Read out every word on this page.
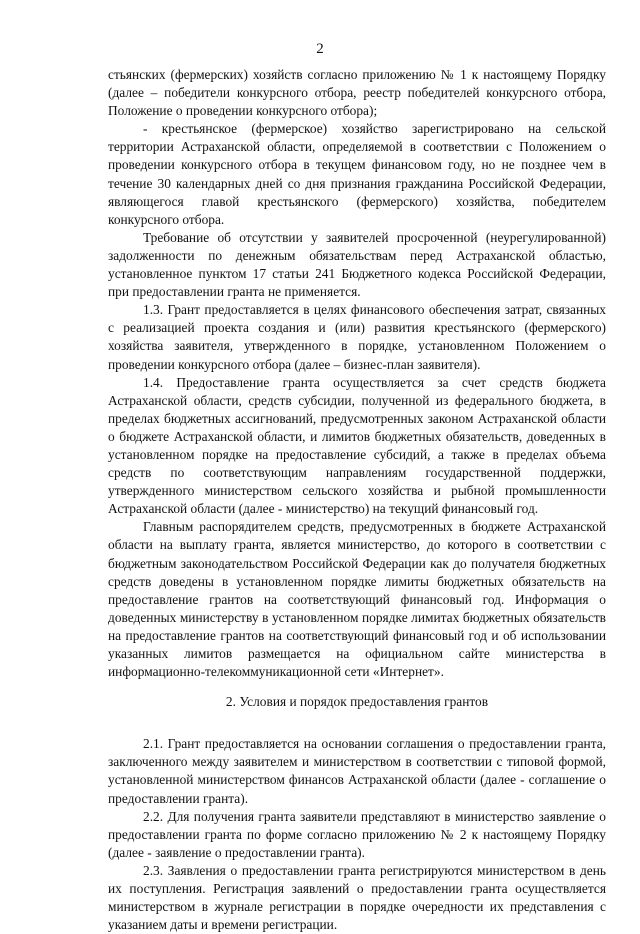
2

стьянских (фермерских) хозяйств согласно приложению № 1 к настоящему Порядку (далее – победители конкурсного отбора, реестр победителей конкурсного отбора, Положение о проведении конкурсного отбора);

- крестьянское (фермерское) хозяйство зарегистрировано на сельской территории Астраханской области, определяемой в соответствии с Положением о проведении конкурсного отбора в текущем финансовом году, но не позднее чем в течение 30 календарных дней со дня признания гражданина Российской Федерации, являющегося главой крестьянского (фермерского) хозяйства, победителем конкурсного отбора.

Требование об отсутствии у заявителей просроченной (неурегулированной) задолженности по денежным обязательствам перед Астраханской областью, установленное пунктом 17 статьи 241 Бюджетного кодекса Российской Федерации, при предоставлении гранта не применяется.

1.3. Грант предоставляется в целях финансового обеспечения затрат, связанных с реализацией проекта создания и (или) развития крестьянского (фермерского) хозяйства заявителя, утвержденного в порядке, установленном Положением о проведении конкурсного отбора (далее – бизнес-план заявителя).

1.4. Предоставление гранта осуществляется за счет средств бюджета Астраханской области, средств субсидии, полученной из федерального бюджета, в пределах бюджетных ассигнований, предусмотренных законом Астраханской области о бюджете Астраханской области, и лимитов бюджетных обязательств, доведенных в установленном порядке на предоставление субсидий, а также в пределах объема средств по соответствующим направлениям государственной поддержки, утвержденного министерством сельского хозяйства и рыбной промышленности Астраханской области (далее - министерство) на текущий финансовый год.

Главным распорядителем средств, предусмотренных в бюджете Астраханской области на выплату гранта, является министерство, до которого в соответствии с бюджетным законодательством Российской Федерации как до получателя бюджетных средств доведены в установленном порядке лимиты бюджетных обязательств на предоставление грантов на соответствующий финансовый год. Информация о доведенных министерству в установленном порядке лимитах бюджетных обязательств на предоставление грантов на соответствующий финансовый год и об использовании указанных лимитов размещается на официальном сайте министерства в информационно-телекоммуникационной сети «Интернет».

2. Условия и порядок предоставления грантов

2.1. Грант предоставляется на основании соглашения о предоставлении гранта, заключенного между заявителем и министерством в соответствии с типовой формой, установленной министерством финансов Астраханской области (далее - соглашение о предоставлении гранта).

2.2. Для получения гранта заявители представляют в министерство заявление о предоставлении гранта по форме согласно приложению № 2 к настоящему Порядку (далее - заявление о предоставлении гранта).

2.3. Заявления о предоставлении гранта регистрируются министерством в день их поступления. Регистрация заявлений о предоставлении гранта осуществляется министерством в журнале регистрации в порядке очередности их представления с указанием даты и времени регистрации.
